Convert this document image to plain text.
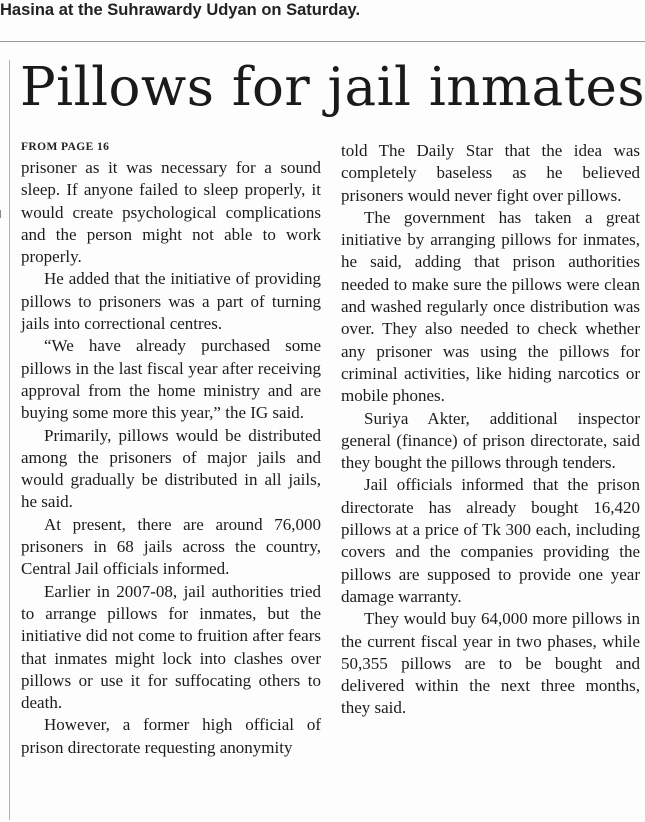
Hasina at the Suhrawardy Udyan on Saturday.
Pillows for jail inmates
FROM PAGE 16

prisoner as it was necessary for a sound sleep. If anyone failed to sleep properly, it would create psychological complications and the person might not able to work properly.

He added that the initiative of providing pillows to prisoners was a part of turning jails into correctional centres.

“We have already purchased some pillows in the last fiscal year after receiving approval from the home ministry and are buying some more this year,” the IG said.

Primarily, pillows would be distributed among the prisoners of major jails and would gradually be distributed in all jails, he said.

At present, there are around 76,000 prisoners in 68 jails across the country, Central Jail officials informed.

Earlier in 2007-08, jail authorities tried to arrange pillows for inmates, but the initiative did not come to fruition after fears that inmates might lock into clashes over pillows or use it for suffocating others to death.

However, a former high official of prison directorate requesting anonymity

told The Daily Star that the idea was completely baseless as he believed prisoners would never fight over pillows.

The government has taken a great initiative by arranging pillows for inmates, he said, adding that prison authorities needed to make sure the pillows were clean and washed regularly once distribution was over. They also needed to check whether any prisoner was using the pillows for criminal activities, like hiding narcotics or mobile phones.

Suriya Akter, additional inspector general (finance) of prison directorate, said they bought the pillows through tenders.

Jail officials informed that the prison directorate has already bought 16,420 pillows at a price of Tk 300 each, including covers and the companies providing the pillows are supposed to provide one year damage warranty.

They would buy 64,000 more pillows in the current fiscal year in two phases, while 50,355 pillows are to be bought and delivered within the next three months, they said.
